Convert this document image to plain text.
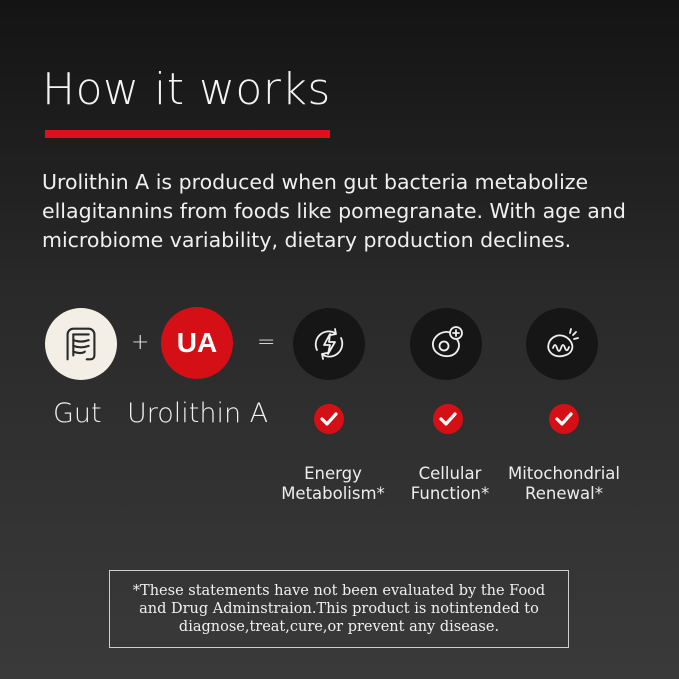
How it works
Urolithin A is produced when gut bacteria metabolize ellagitannins from foods like pomegranate. With age and microbiome variability, dietary production declines.
+ UA =
Gut Urolithin A
Energy
Metabolism*
Cellular
Function*
Mitochondrial
Renewal*
*These statements have not been evaluated by the Food and Drug Adminstraion.This product is notintended to diagnose,treat,cure,or prevent any disease.
